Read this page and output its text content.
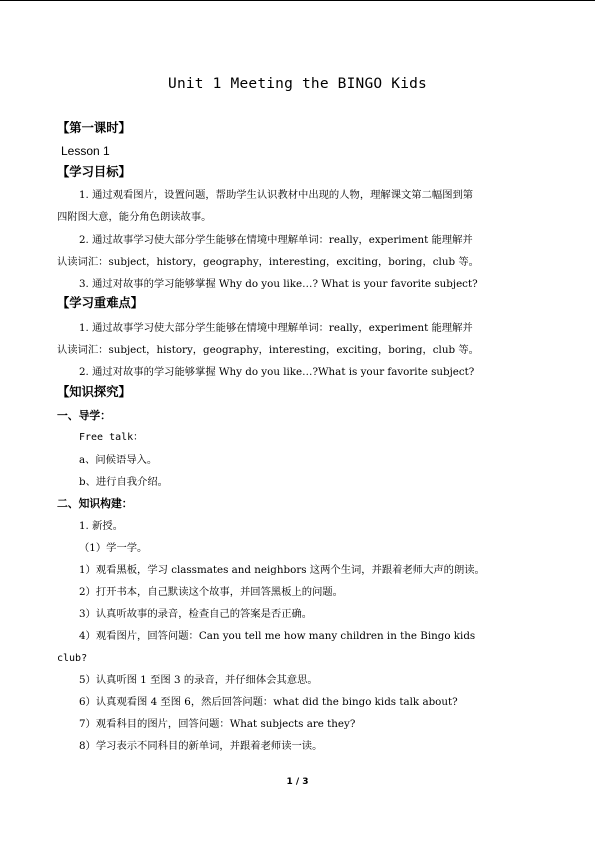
Unit 1 Meeting the BINGO Kids
【第一课时】
Lesson 1
【学习目标】
1. 通过观看图片，设置问题，帮助学生认识教材中出现的人物，理解课文第二幅图到第
四附图大意，能分角色朗读故事。
2. 通过故事学习使大部分学生能够在情境中理解单词：really，experiment 能理解并
认读词汇：subject，history，geography，interesting，exciting，boring，club 等。
3. 通过对故事的学习能够掌握 Why do you like…? What is your favorite subject?
【学习重难点】
1. 通过故事学习使大部分学生能够在情境中理解单词：really，experiment 能理解并
认读词汇：subject，history，geography，interesting，exciting，boring，club 等。
2. 通过对故事的学习能够掌握 Why do you like…?What is your favorite subject?
【知识探究】
一、导学：
Free talk：
a、问候语导入。
b、进行自我介绍。
二、知识构建：
1. 新授。
（1）学一学。
1）观看黑板，学习 classmates and neighbors 这两个生词，并跟着老师大声的朗读。
2）打开书本，自己默读这个故事，并回答黑板上的问题。
3）认真听故事的录音，检查自己的答案是否正确。
4）观看图片，回答问题：Can you tell me how many children in the Bingo kids
club?
5）认真听图 1 至图 3 的录音，并仔细体会其意思。
6）认真观看图 4 至图 6，然后回答问题：what did the bingo kids talk about?
7）观看科目的图片，回答问题：What subjects are they?
8）学习表示不同科目的新单词，并跟着老师读一读。
1 / 3
